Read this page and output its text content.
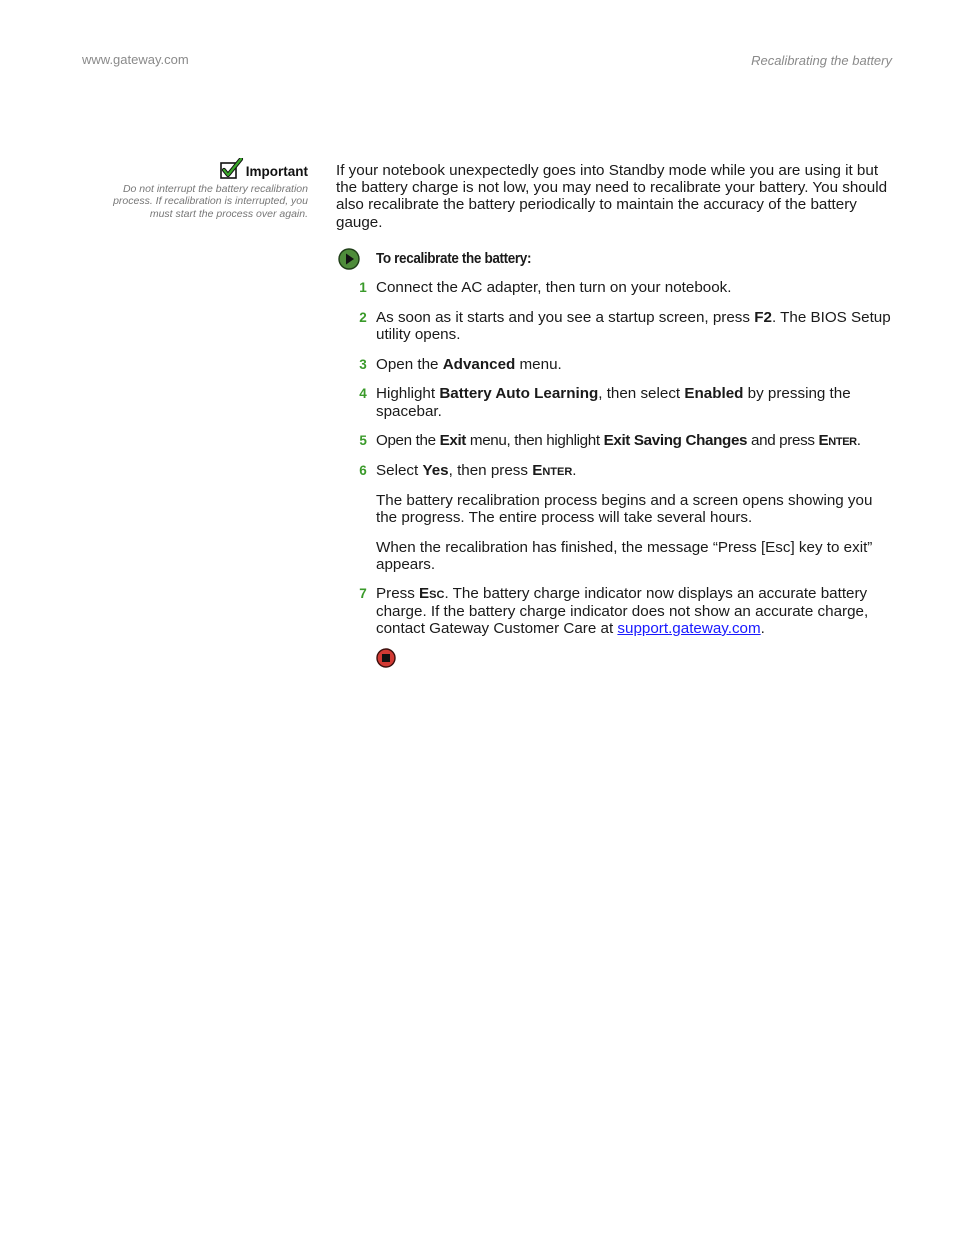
www.gateway.com	Recalibrating the battery
Important
Do not interrupt the battery recalibration process. If recalibration is interrupted, you must start the process over again.

If your notebook unexpectedly goes into Standby mode while you are using it but the battery charge is not low, you may need to recalibrate your battery. You should also recalibrate the battery periodically to maintain the accuracy of the battery gauge.

To recalibrate the battery:
1 Connect the AC adapter, then turn on your notebook.
2 As soon as it starts and you see a startup screen, press F2. The BIOS Setup utility opens.
3 Open the Advanced menu.
4 Highlight Battery Auto Learning, then select Enabled by pressing the spacebar.
5 Open the Exit menu, then highlight Exit Saving Changes and press Enter.
6 Select Yes, then press Enter.
The battery recalibration process begins and a screen opens showing you the progress. The entire process will take several hours.
When the recalibration has finished, the message “Press [Esc] key to exit” appears.
7 Press Esc. The battery charge indicator now displays an accurate battery charge. If the battery charge indicator does not show an accurate charge, contact Gateway Customer Care at support.gateway.com.
